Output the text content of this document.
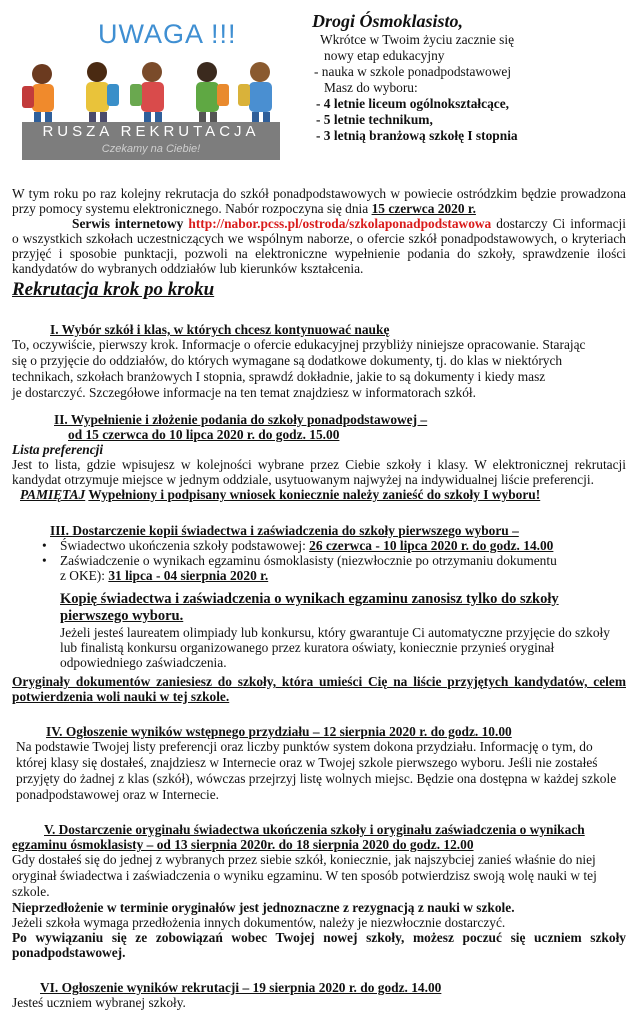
UWAGA !!!
RUSZA REKRUTACJA
Czekamy na Ciebie!
Drogi Ósmoklasisto,
Wkrótce w Twoim życiu zacznie się
nowy etap edukacyjny
- nauka w szkole ponadpodstawowej
Masz do wyboru:
- 4 letnie liceum ogólnokształcące,
- 5 letnie technikum,
- 3 letnią branżową szkołę I stopnia
W tym roku po raz kolejny rekrutacja do szkół ponadpodstawowych w powiecie ostródzkim będzie prowadzona przy pomocy systemu elektronicznego. Nabór rozpoczyna się dnia 15 czerwca 2020 r.
Serwis internetowy http://nabor.pcss.pl/ostroda/szkolaponadpodstawowa dostarczy Ci informacji o wszystkich szkołach uczestniczących we wspólnym naborze, o ofercie szkół ponadpodstawowych, o kryteriach przyjęć i sposobie punktacji, pozwoli na elektroniczne wypełnienie podania do szkoły, sprawdzenie ilości kandydatów do wybranych oddziałów lub kierunków kształcenia.
Rekrutacja krok po kroku
I. Wybór szkół i klas, w których chcesz kontynuować naukę
To, oczywiście, pierwszy krok. Informacje o ofercie edukacyjnej przybliży niniejsze opracowanie. Starając
się o przyjęcie do oddziałów, do których wymagane są dodatkowe dokumenty, tj. do klas w niektórych
technikach, szkołach branżowych I stopnia, sprawdź dokładnie, jakie to są dokumenty i kiedy masz
je dostarczyć. Szczegółowe informacje na ten temat znajdziesz w informatorach szkół.
II. Wypełnienie i złożenie podania do szkoły ponadpodstawowej –
od 15 czerwca do 10 lipca 2020 r. do godz. 15.00
Lista preferencji
Jest to lista, gdzie wpisujesz w kolejności wybrane przez Ciebie szkoły i klasy. W elektronicznej rekrutacji kandydat otrzymuje miejsce w jednym oddziale, usytuowanym najwyżej na indywidualnej liście preferencji.
PAMIĘTAJ Wypełniony i podpisany wniosek koniecznie należy zanieść do szkoły I wyboru!
III. Dostarczenie kopii świadectwa i zaświadczenia do szkoły pierwszego wyboru –
• Świadectwo ukończenia szkoły podstawowej: 26 czerwca - 10 lipca 2020 r. do godz. 14.00
• Zaświadczenie o wynikach egzaminu ósmoklasisty (niezwłocznie po otrzymaniu dokumentu
z OKE): 31 lipca - 04 sierpnia 2020 r.
Kopię świadectwa i zaświadczenia o wynikach egzaminu zanosisz tylko do szkoły
pierwszego wyboru.
Jeżeli jesteś laureatem olimpiady lub konkursu, który gwarantuje Ci automatyczne przyjęcie do szkoły lub finalistą konkursu organizowanego przez kuratora oświaty, koniecznie przynieś oryginał odpowiedniego zaświadczenia.
Oryginały dokumentów zaniesiesz do szkoły, która umieści Cię na liście przyjętych kandydatów, celem potwierdzenia woli nauki w tej szkole.
IV. Ogłoszenie wyników wstępnego przydziału – 12 sierpnia 2020 r. do godz. 10.00
Na podstawie Twojej listy preferencji oraz liczby punktów system dokona przydziału. Informację o tym, do której klasy się dostałeś, znajdziesz w Internecie oraz w Twojej szkole pierwszego wyboru. Jeśli nie zostałeś przyjęty do żadnej z klas (szkół), wówczas przejrzyj listę wolnych miejsc. Będzie ona dostępna w każdej szkole ponadpodstawowej oraz w Internecie.
V. Dostarczenie oryginału świadectwa ukończenia szkoły i oryginału zaświadczenia o wynikach
egzaminu ósmoklasisty – od 13 sierpnia 2020r. do 18 sierpnia 2020 do godz. 12.00
Gdy dostałeś się do jednej z wybranych przez siebie szkół, koniecznie, jak najszybciej zanieś właśnie do niej oryginał świadectwa i zaświadczenia o wyniku egzaminu. W ten sposób potwierdzisz swoją wolę nauki w tej szkole.
Nieprzedłożenie w terminie oryginałów jest jednoznaczne z rezygnacją z nauki w szkole.
Jeżeli szkoła wymaga przedłożenia innych dokumentów, należy je niezwłocznie dostarczyć.
Po wywiązaniu się ze zobowiązań wobec Twojej nowej szkoły, możesz poczuć się uczniem szkoły ponadpodstawowej.
VI. Ogłoszenie wyników rekrutacji – 19 sierpnia 2020 r. do godz. 14.00
Jesteś uczniem wybranej szkoły.
